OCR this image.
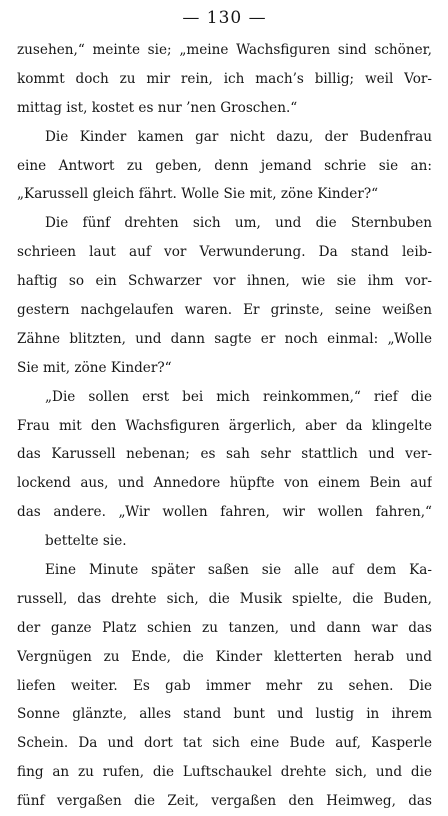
— 130 —
zusehen,“ meinte sie; „meine Wachsfiguren sind schöner,
kommt doch zu mir rein, ich mach’s billig; weil Vor-
mittag ist, kostet es nur ’nen Groschen.“
Die Kinder kamen gar nicht dazu, der Budenfrau
eine Antwort zu geben, denn jemand schrie sie an:
„Karussell gleich fährt. Wolle Sie mit, zöne Kinder?“
Die fünf drehten sich um, und die Sternbuben
schrieen laut auf vor Verwunderung. Da stand leib-
haftig so ein Schwarzer vor ihnen, wie sie ihm vor-
gestern nachgelaufen waren. Er grinste, seine weißen
Zähne blitzten, und dann sagte er noch einmal: „Wolle
Sie mit, zöne Kinder?“
„Die sollen erst bei mich reinkommen,“ rief die
Frau mit den Wachsfiguren ärgerlich, aber da klingelte
das Karussell nebenan; es sah sehr stattlich und ver-
lockend aus, und Annedore hüpfte von einem Bein auf
das andere. „Wir wollen fahren, wir wollen fahren,“
bettelte sie.
Eine Minute später saßen sie alle auf dem Ka-
russell, das drehte sich, die Musik spielte, die Buden,
der ganze Platz schien zu tanzen, und dann war das
Vergnügen zu Ende, die Kinder kletterten herab und
liefen weiter. Es gab immer mehr zu sehen. Die
Sonne glänzte, alles stand bunt und lustig in ihrem
Schein. Da und dort tat sich eine Bude auf, Kasperle
fing an zu rufen, die Luftschaukel drehte sich, und die
fünf vergaßen die Zeit, vergaßen den Heimweg, das
